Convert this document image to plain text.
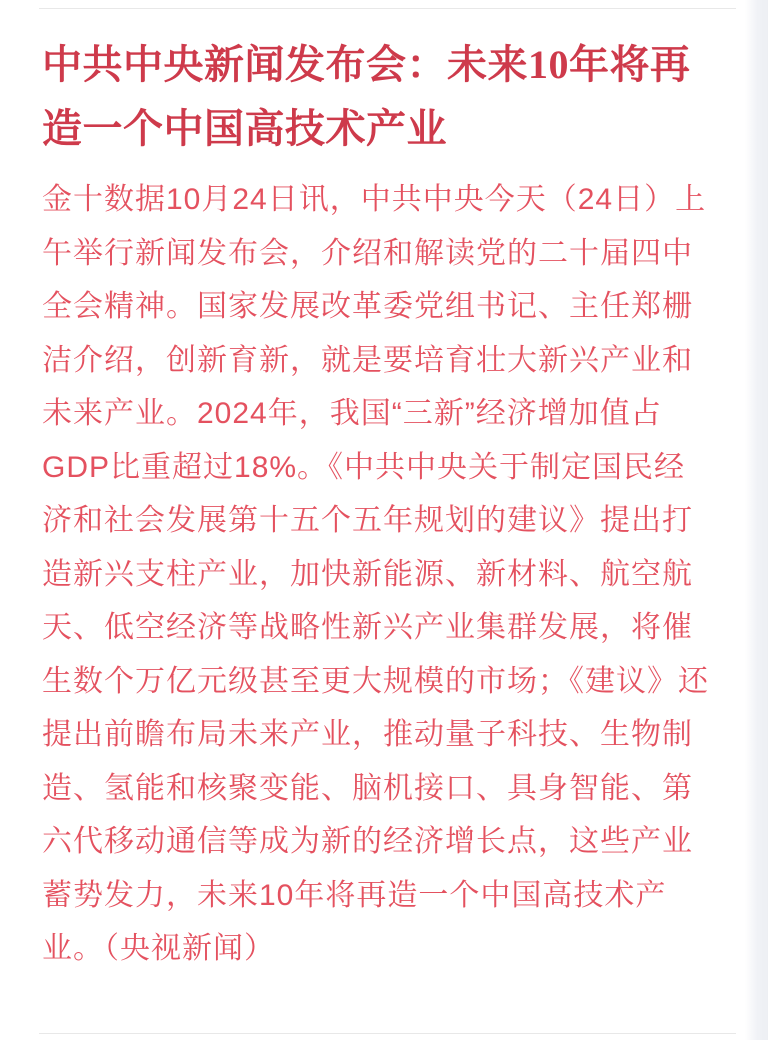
中共中央新闻发布会：未来10年将再
造一个中国高技术产业
金十数据10月24日讯，中共中央今天（24日）上
午举行新闻发布会，介绍和解读党的二十届四中
全会精神。国家发展改革委党组书记、主任郑栅
洁介绍，创新育新，就是要培育壮大新兴产业和
未来产业。2024年，我国“三新”经济增加值占
GDP比重超过18%。《中共中央关于制定国民经
济和社会发展第十五个五年规划的建议》提出打
造新兴支柱产业，加快新能源、新材料、航空航
天、低空经济等战略性新兴产业集群发展，将催
生数个万亿元级甚至更大规模的市场；《建议》还
提出前瞻布局未来产业，推动量子科技、生物制
造、氢能和核聚变能、脑机接口、具身智能、第
六代移动通信等成为新的经济增长点，这些产业
蓄势发力，未来10年将再造一个中国高技术产
业。（央视新闻）
